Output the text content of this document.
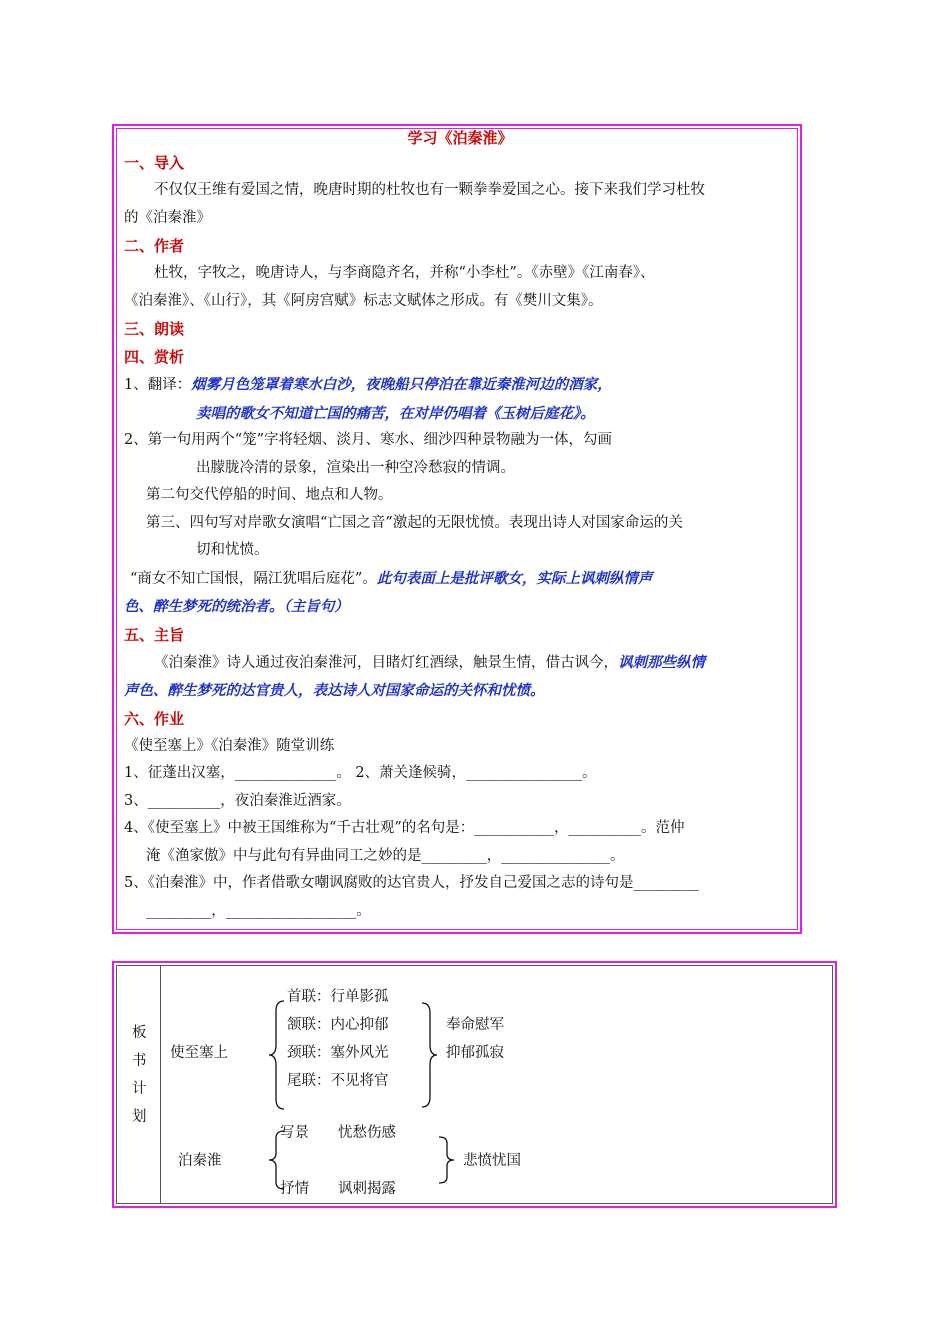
学习《泊秦淮》
一、导入
不仅仅王维有爱国之情，晚唐时期的杜牧也有一颗拳拳爱国之心。接下来我们学习杜牧
的《泊秦淮》
二、作者
杜牧，字牧之，晚唐诗人，与李商隐齐名，并称“小李杜”。《赤壁》《江南春》、
《泊秦淮》、《山行》，其《阿房宫赋》标志文赋体之形成。有《樊川文集》。
三、朗读
四、赏析
1、翻译：烟雾月色笼罩着寒水白沙，夜晚船只停泊在靠近秦淮河边的酒家，
卖唱的歌女不知道亡国的痛苦，在对岸仍唱着《玉树后庭花》。
2、第一句用两个“笼”字将轻烟、淡月、寒水、细沙四种景物融为一体，勾画
出朦胧冷清的景象，渲染出一种空冷愁寂的情调。
第二句交代停船的时间、地点和人物。
第三、四句写对岸歌女演唱“亡国之音”激起的无限忧愤。表现出诗人对国家命运的关
切和忧愤。
“商女不知亡国恨，隔江犹唱后庭花”。此句表面上是批评歌女，实际上讽刺纵情声
色、醉生梦死的统治者。（主旨句）
五、主旨
《泊秦淮》诗人通过夜泊秦淮河，目睹灯红酒绿，触景生情，借古讽今，讽刺那些纵情
声色、醉生梦死的达官贵人，表达诗人对国家命运的关怀和忧愤。
六、作业
《使至塞上》《泊秦淮》随堂训练
1、征蓬出汉塞，______________。 2、萧关逢候骑，________________。
3、__________，夜泊秦淮近酒家。
4、《使至塞上》中被王国维称为“千古壮观”的名句是：___________，__________。范仲
淹《渔家傲》中与此句有异曲同工之妙的是_________，_______________。
5、《泊秦淮》中，作者借歌女嘲讽腐败的达官贵人，抒发自己爱国之志的诗句是_________
_________，__________________。
板
书
计
划
使至塞上
首联：行单影孤
颔联：内心抑郁
颈联：塞外风光
尾联：不见将官
奉命慰军
抑郁孤寂
泊秦淮
写景
抒情
忧愁伤感
讽刺揭露
悲愤忧国
